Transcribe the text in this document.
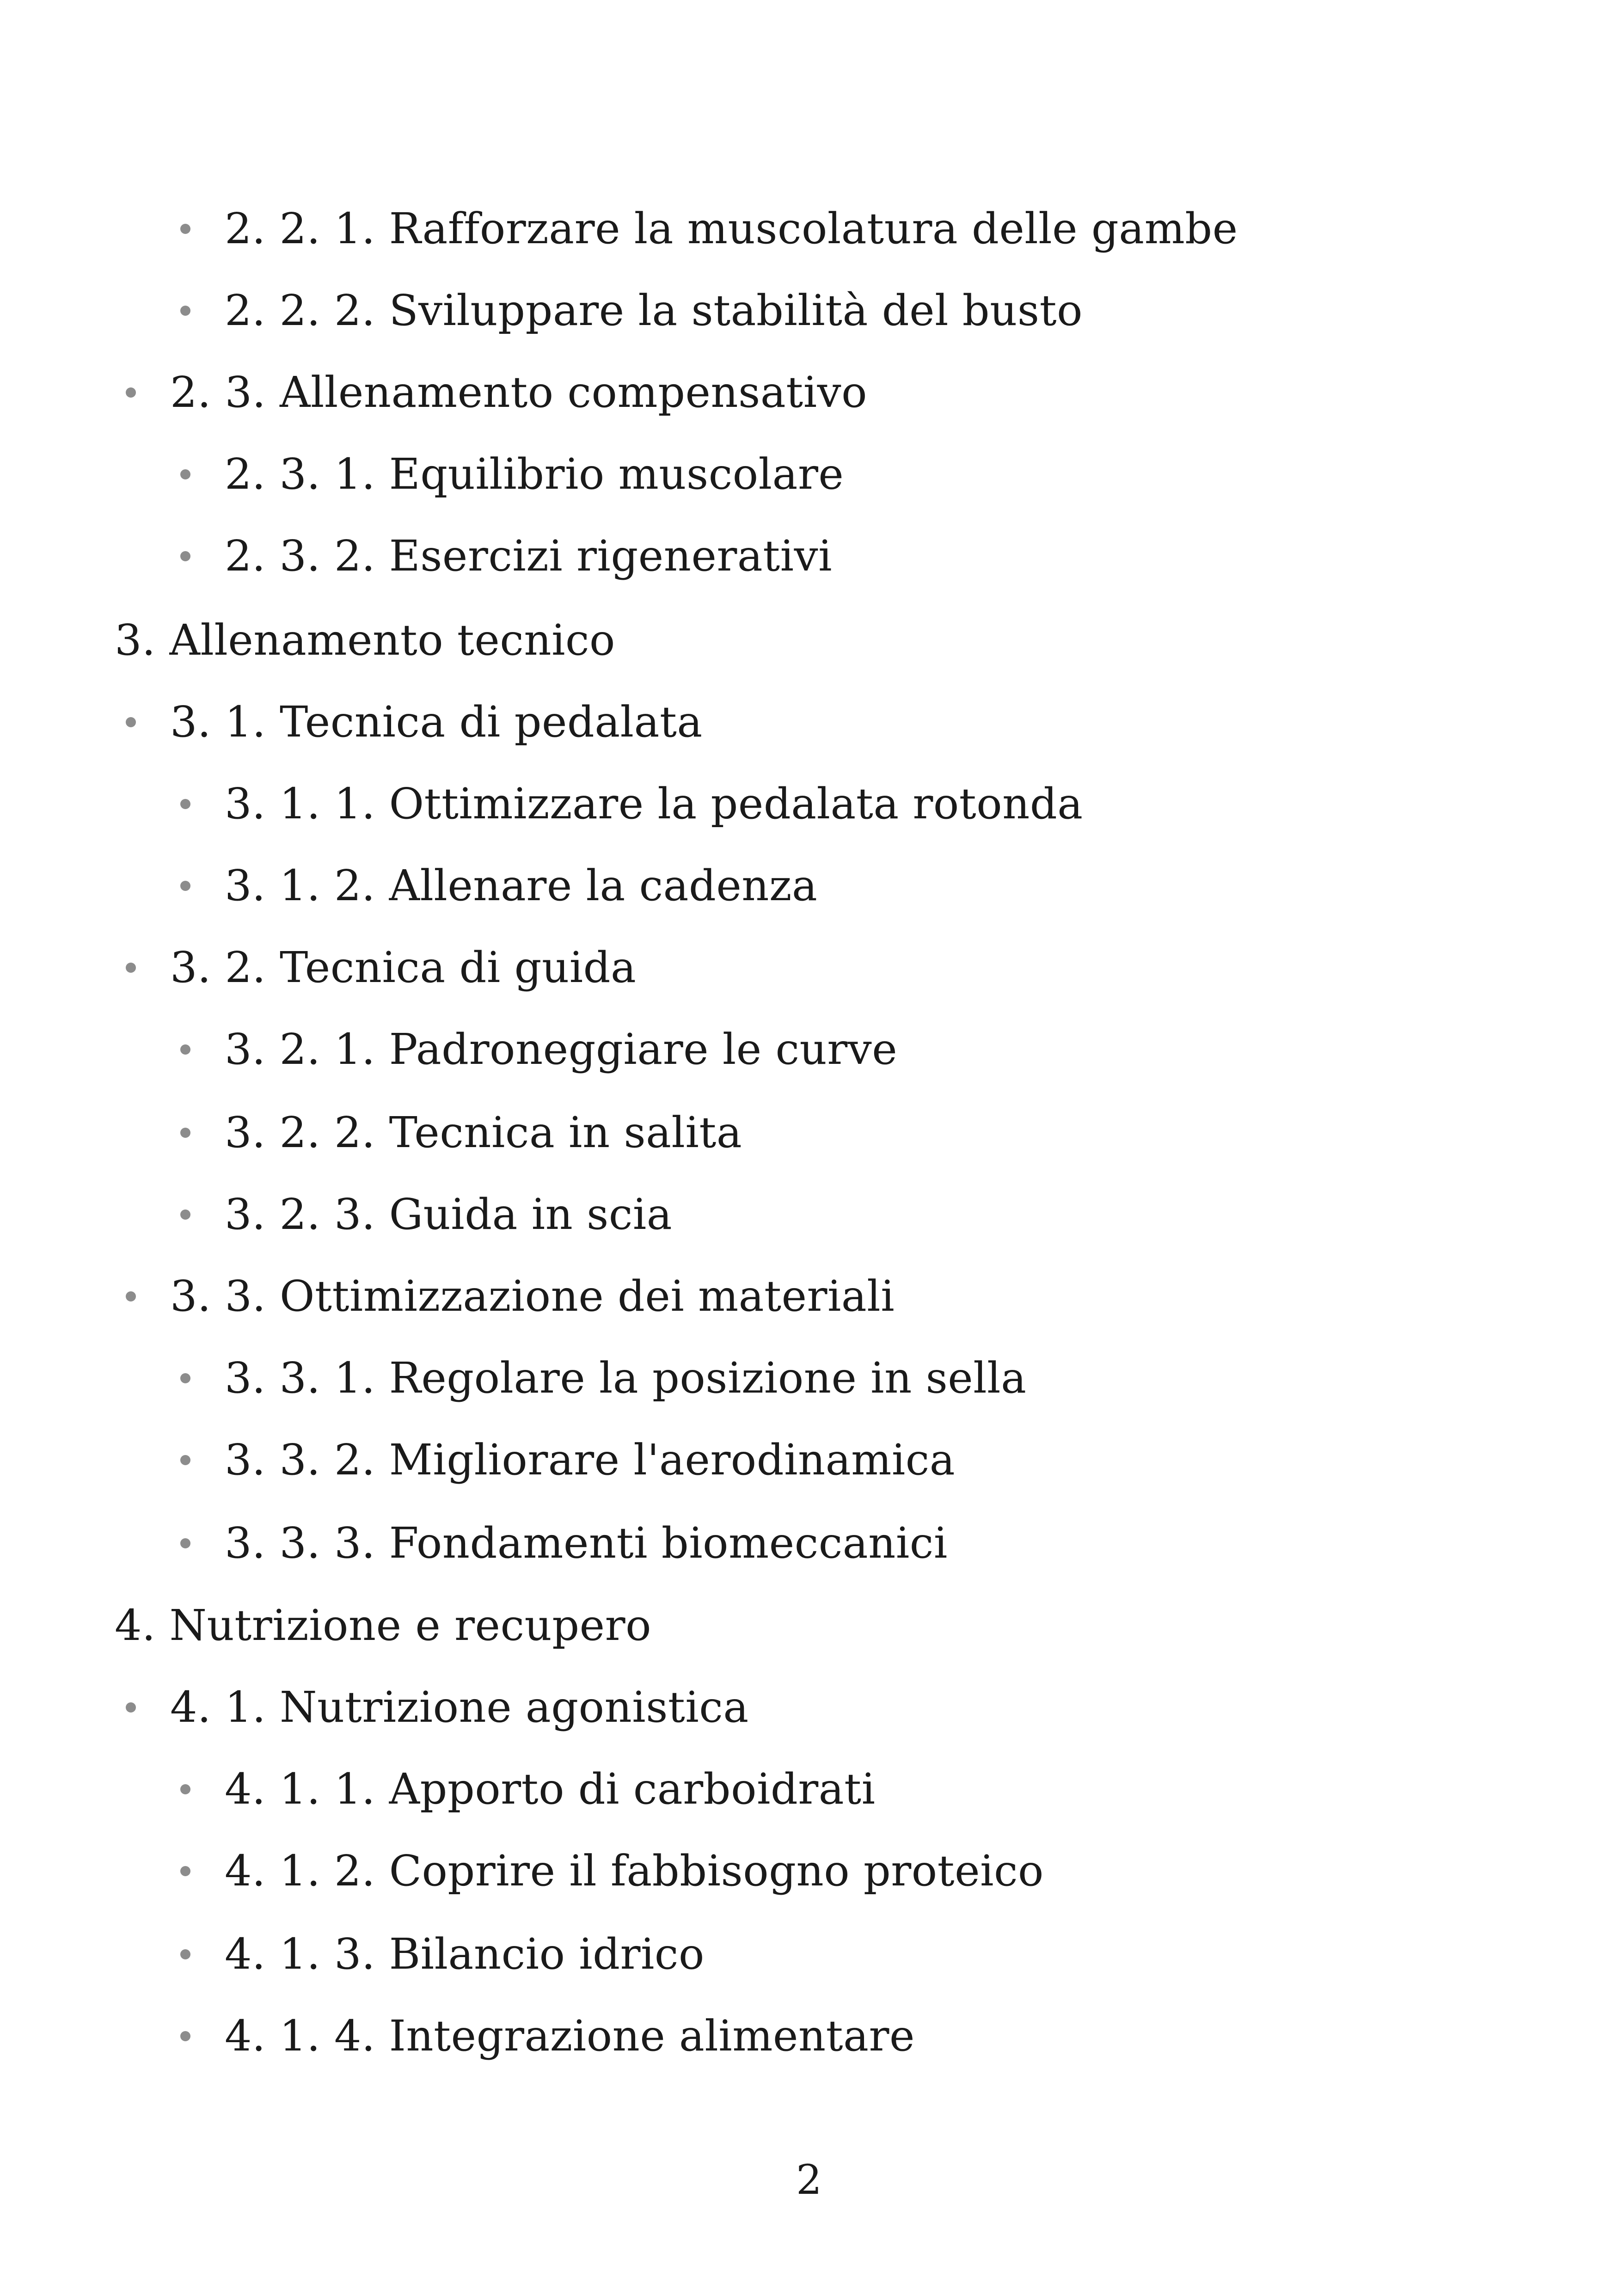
2. 2. 1. Rafforzare la muscolatura delle gambe
2. 2. 2. Sviluppare la stabilità del busto
2. 3. Allenamento compensativo
2. 3. 1. Equilibrio muscolare
2. 3. 2. Esercizi rigenerativi
3. Allenamento tecnico
3. 1. Tecnica di pedalata
3. 1. 1. Ottimizzare la pedalata rotonda
3. 1. 2. Allenare la cadenza
3. 2. Tecnica di guida
3. 2. 1. Padroneggiare le curve
3. 2. 2. Tecnica in salita
3. 2. 3. Guida in scia
3. 3. Ottimizzazione dei materiali
3. 3. 1. Regolare la posizione in sella
3. 3. 2. Migliorare l'aerodinamica
3. 3. 3. Fondamenti biomeccanici
4. Nutrizione e recupero
4. 1. Nutrizione agonistica
4. 1. 1. Apporto di carboidrati
4. 1. 2. Coprire il fabbisogno proteico
4. 1. 3. Bilancio idrico
4. 1. 4. Integrazione alimentare
2
